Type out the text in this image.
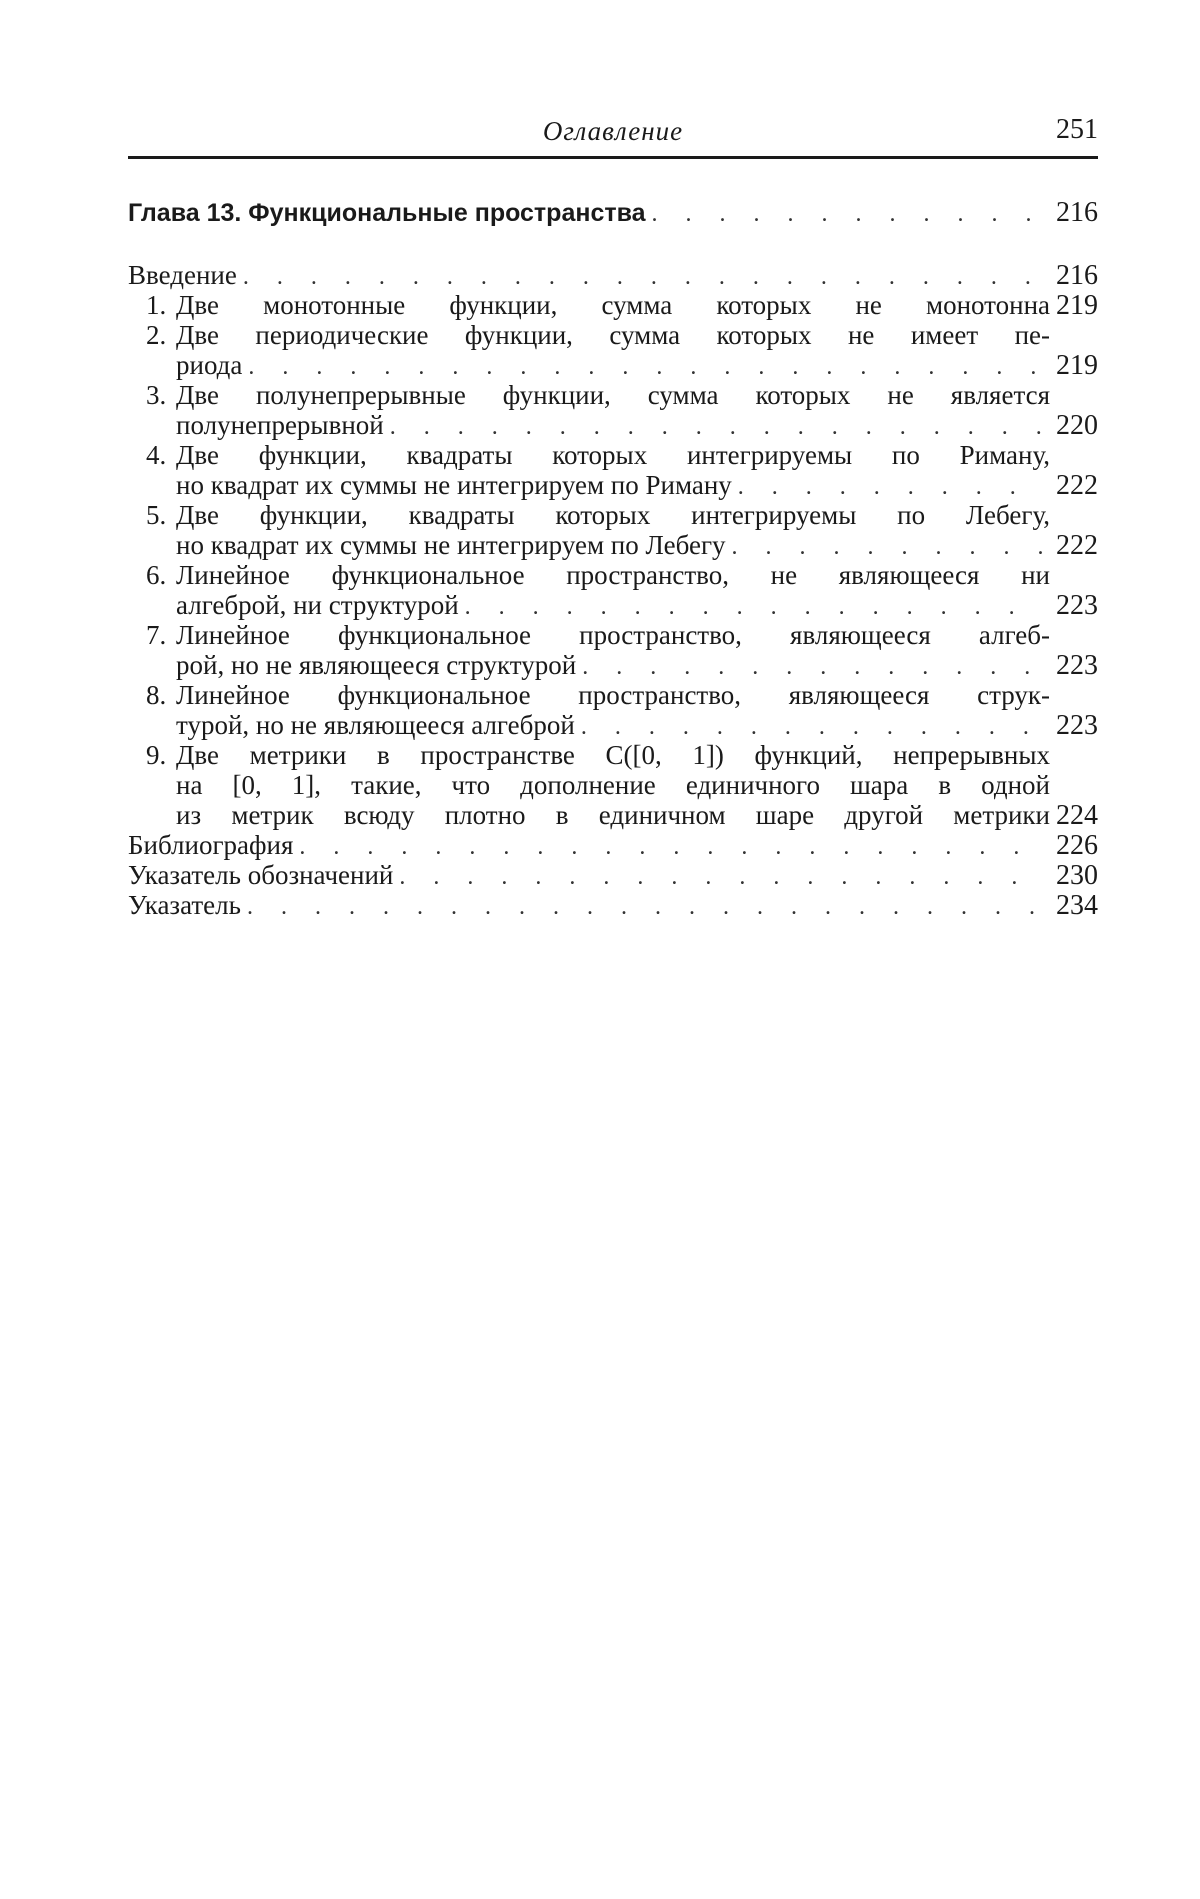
Оглавление	251
Глава 13. Функциональные пространства . . .	216
Введение . . .	216
1. Две монотонные функции, сумма которых не монотонна 219
2. Две периодические функции, сумма которых не имеет пе-
риода . . .	219
3. Две полунепрерывные функции, сумма которых не является
полунепрерывной . . .	220
4. Две функции, квадраты которых интегрируемы по Риману,
но квадрат их суммы не интегрируем по Риману . . .	222
5. Две функции, квадраты которых интегрируемы по Лебегу,
но квадрат их суммы не интегрируем по Лебегу . . .	222
6. Линейное функциональное пространство, не являющееся ни
алгеброй, ни структурой . . .	223
7. Линейное функциональное пространство, являющееся алгеб-
рой, но не являющееся структурой . . .	223
8. Линейное функциональное пространство, являющееся струк-
турой, но не являющееся алгеброй . . .	223
9. Две метрики в пространстве C([0, 1]) функций, непрерывных
на [0, 1], такие, что дополнение единичного шара в одной
из метрик всюду плотно в единичном шаре другой метрики 224
Библиография . . .	226
Указатель обозначений . . .	230
Указатель . . .	234
